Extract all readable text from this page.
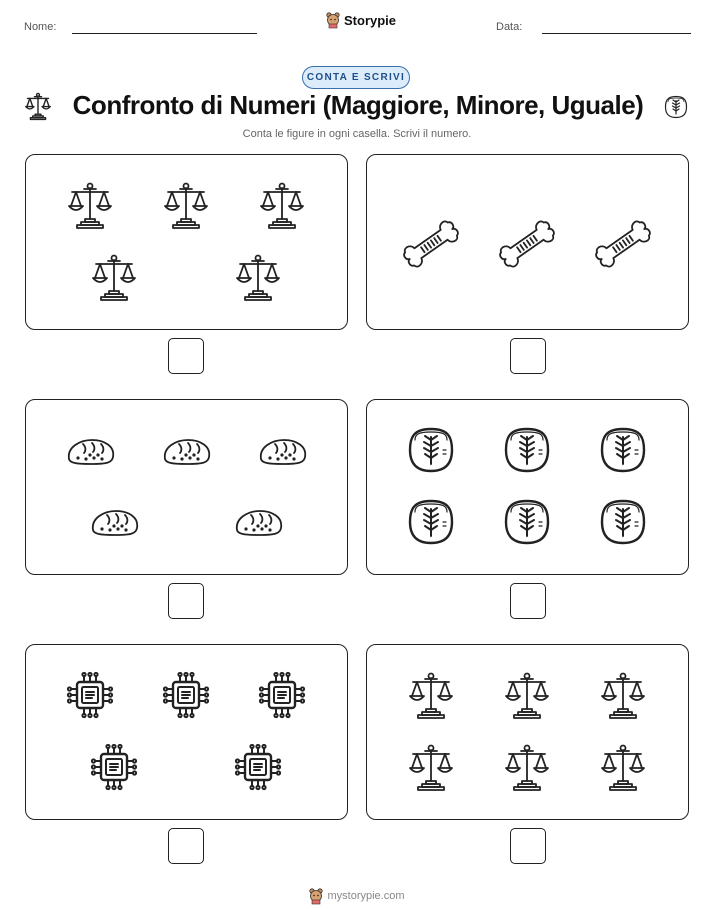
Nome:	Storypie	Data:
CONTA E SCRIVI
Confronto di Numeri (Maggiore, Minore, Uguale)
Conta le figure in ogni casella. Scrivi il numero.
mystorypie.com
